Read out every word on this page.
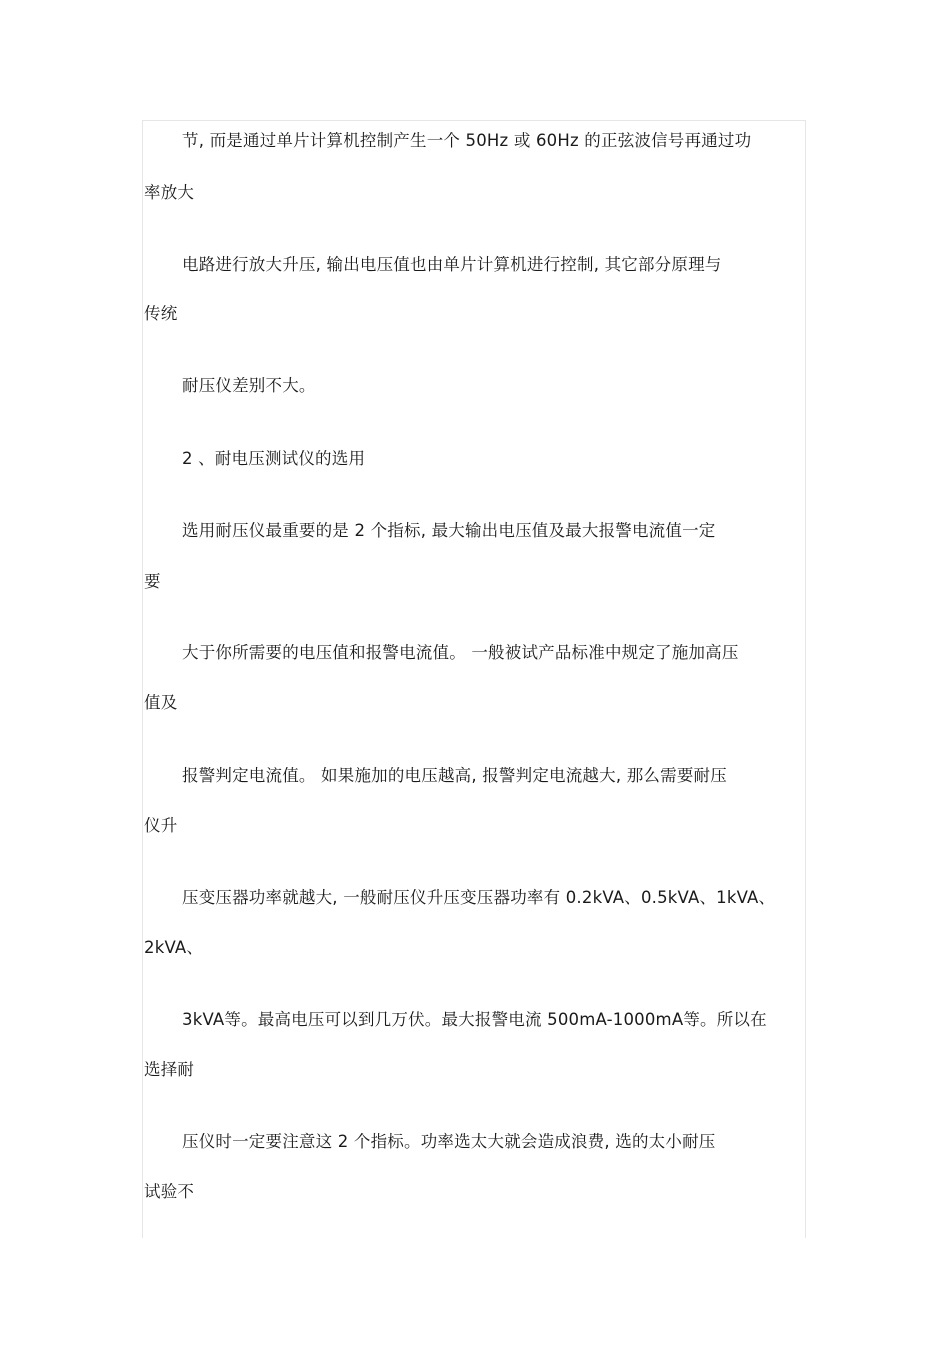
节, 而是通过单片计算机控制产生一个 50Hz 或 60Hz 的正弦波信号再通过功
率放大
电路进行放大升压, 输出电压值也由单片计算机进行控制, 其它部分原理与
传统
耐压仪差别不大。
2 、耐电压测试仪的选用
选用耐压仪最重要的是 2 个指标, 最大输出电压值及最大报警电流值一定
要
大于你所需要的电压值和报警电流值。 一般被试产品标准中规定了施加高压
值及
报警判定电流值。 如果施加的电压越高, 报警判定电流越大, 那么需要耐压
仪升
压变压器功率就越大, 一般耐压仪升压变压器功率有 0.2kVA、0.5kVA、1kVA、
2kVA、
3kVA等。最高电压可以到几万伏。最大报警电流 500mA-1000mA等。所以在
选择耐
压仪时一定要注意这 2 个指标。功率选太大就会造成浪费, 选的太小耐压
试验不
